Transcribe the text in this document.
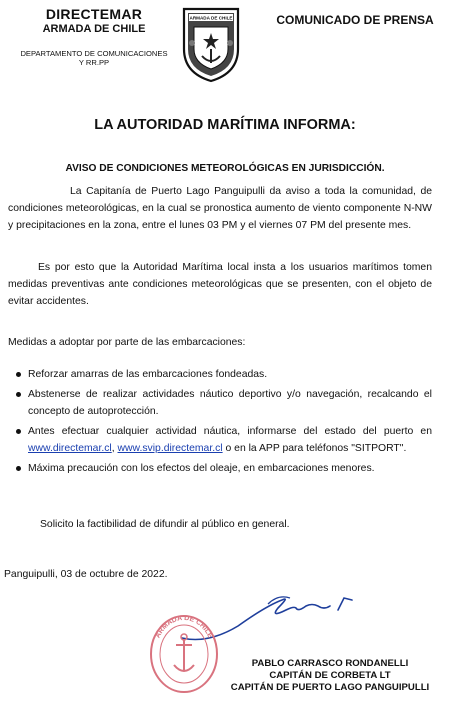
DIRECTEMAR
ARMADA DE CHILE
DEPARTAMENTO DE COMUNICACIONES
Y RR.PP
ARMADA DE CHILE	COMUNICADO DE PRENSA
LA AUTORIDAD MARÍTIMA INFORMA:
AVISO DE CONDICIONES METEOROLÓGICAS EN JURISDICCIÓN.
La Capitanía de Puerto Lago Panguipulli da aviso a toda la comunidad, de condiciones meteorológicas, en la cual se pronostica aumento de viento componente N-NW y precipitaciones en la zona, entre el lunes 03 PM y el viernes 07 PM del presente mes.
Es por esto que la Autoridad Marítima local insta a los usuarios marítimos tomen medidas preventivas ante condiciones meteorológicas que se presenten, con el objeto de evitar accidentes.
Medidas a adoptar por parte de las embarcaciones:
Reforzar amarras de las embarcaciones fondeadas.
Abstenerse de realizar actividades náutico deportivo y/o navegación, recalcando el concepto de autoprotección.
Antes efectuar cualquier actividad náutica, informarse del estado del puerto en www.directemar.cl, www.svip.directemar.cl o en la APP para teléfonos "SITPORT".
Máxima precaución con los efectos del oleaje, en embarcaciones menores.
Solicito la factibilidad de difundir al público en general.
Panguipulli, 03 de octubre de 2022.
ARMADA DE CHILE
PABLO CARRASCO RONDANELLI
CAPITÁN DE CORBETA LT
CAPITÁN DE PUERTO LAGO PANGUIPULLI
